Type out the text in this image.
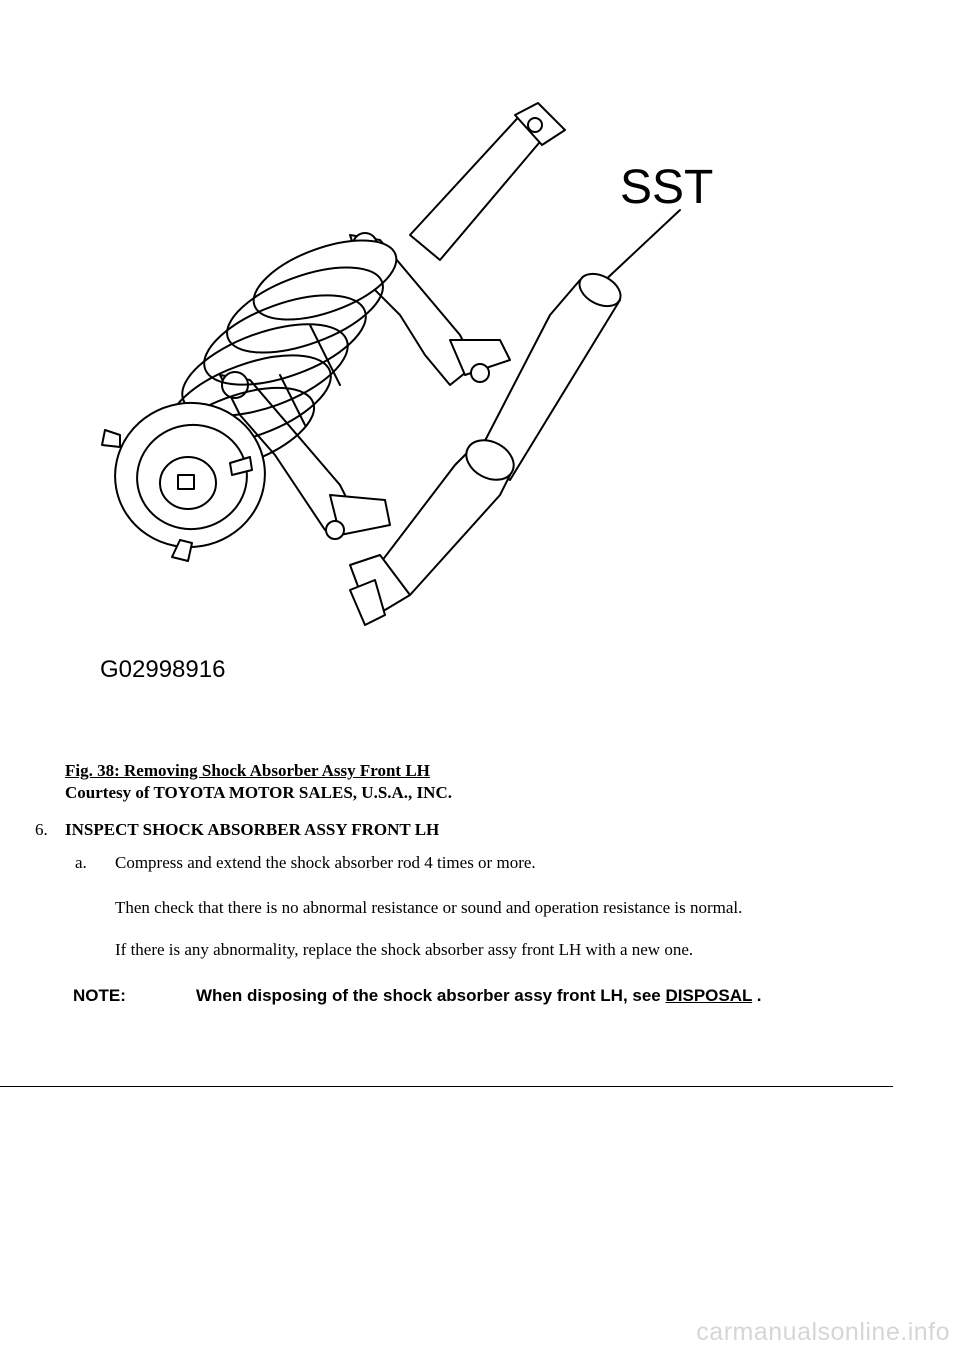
SST
G02998916
Fig. 38: Removing Shock Absorber Assy Front LH
Courtesy of TOYOTA MOTOR SALES, U.S.A., INC.
6. INSPECT SHOCK ABSORBER ASSY FRONT LH
a. Compress and extend the shock absorber rod 4 times or more.
Then check that there is no abnormal resistance or sound and operation resistance is normal.
If there is any abnormality, replace the shock absorber assy front LH with a new one.
NOTE:	When disposing of the shock absorber assy front LH, see DISPOSAL .
carmanualsonline.info
